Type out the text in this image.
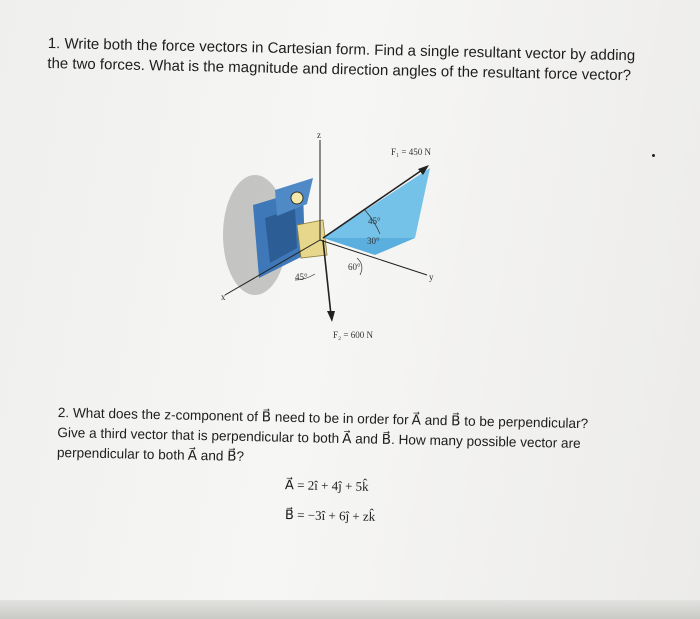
1. Write both the force vectors in Cartesian form. Find a single resultant vector by adding the two forces. What is the magnitude and direction angles of the resultant force vector?
F₁ = 450 N
F₂ = 600 N
45°
30°
60°
45°
x
y
z
2. What does the z-component of B⃗ need to be in order for A⃗ and B⃗ to be perpendicular? Give a third vector that is perpendicular to both A⃗ and B⃗. How many possible vector are perpendicular to both A⃗ and B⃗?
A⃗ = 2î + 4ĵ + 5k̂
B⃗ = −3î + 6ĵ + zk̂
